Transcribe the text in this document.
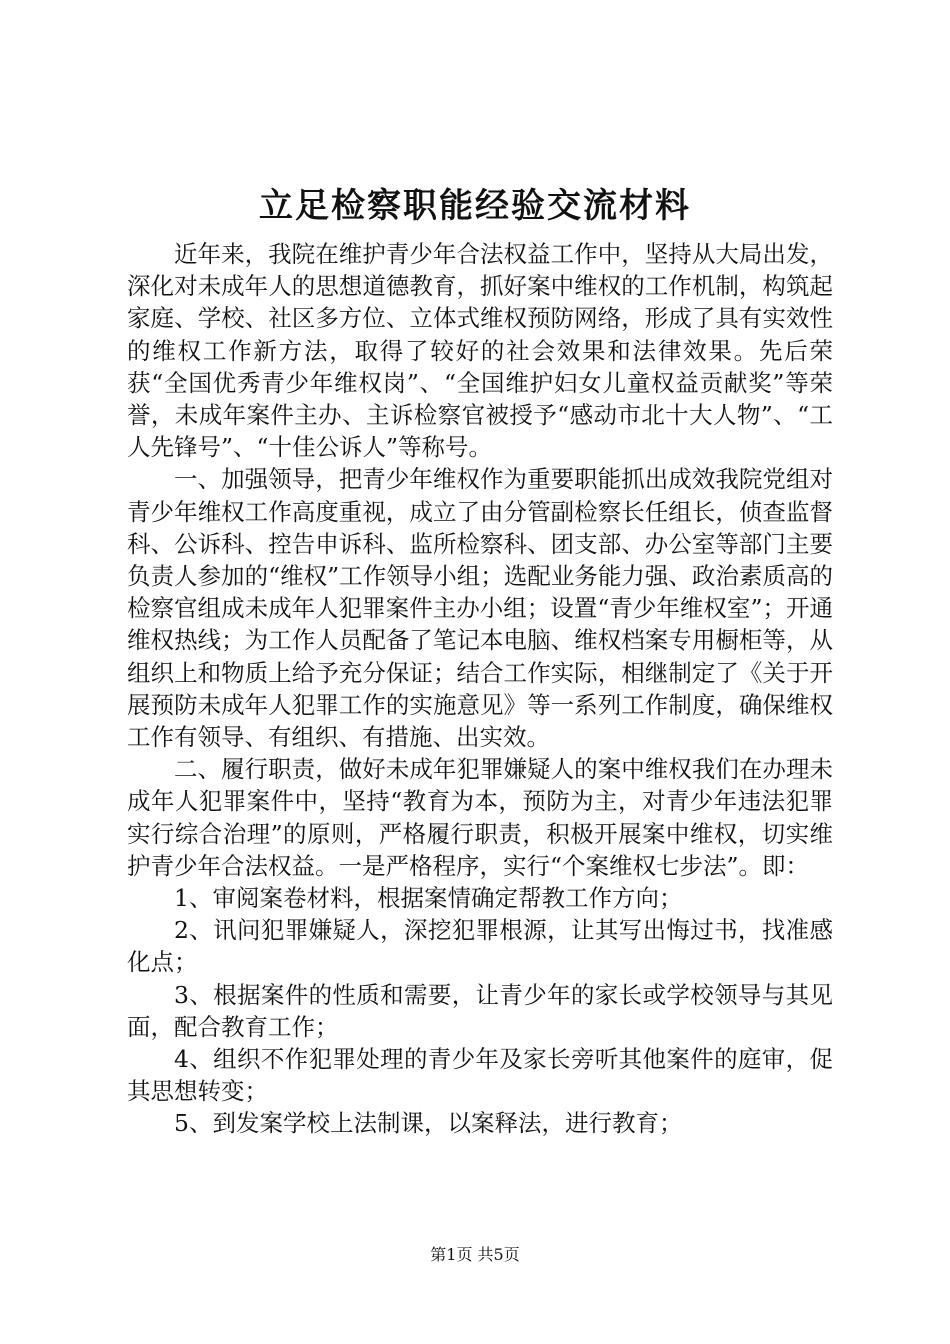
立足检察职能经验交流材料

近年来，我院在维护青少年合法权益工作中，坚持从大局出发，深化对未成年人的思想道德教育，抓好案中维权的工作机制，构筑起家庭、学校、社区多方位、立体式维权预防网络，形成了具有实效性的维权工作新方法，取得了较好的社会效果和法律效果。先后荣获“全国优秀青少年维权岗”、“全国维护妇女儿童权益贡献奖”等荣誉，未成年案件主办、主诉检察官被授予“感动市北十大人物”、“工人先锋号”、“十佳公诉人”等称号。

一、加强领导，把青少年维权作为重要职能抓出成效我院党组对青少年维权工作高度重视，成立了由分管副检察长任组长，侦查监督科、公诉科、控告申诉科、监所检察科、团支部、办公室等部门主要负责人参加的“维权”工作领导小组；选配业务能力强、政治素质高的检察官组成未成年人犯罪案件主办小组；设置“青少年维权室”；开通维权热线；为工作人员配备了笔记本电脑、维权档案专用橱柜等，从组织上和物质上给予充分保证；结合工作实际，相继制定了《关于开展预防未成年人犯罪工作的实施意见》等一系列工作制度，确保维权工作有领导、有组织、有措施、出实效。

二、履行职责，做好未成年犯罪嫌疑人的案中维权我们在办理未成年人犯罪案件中，坚持“教育为本，预防为主，对青少年违法犯罪实行综合治理”的原则，严格履行职责，积极开展案中维权，切实维护青少年合法权益。一是严格程序，实行“个案维权七步法”。即：

1、审阅案卷材料，根据案情确定帮教工作方向；

2、讯问犯罪嫌疑人，深挖犯罪根源，让其写出悔过书，找准感化点；

3、根据案件的性质和需要，让青少年的家长或学校领导与其见面，配合教育工作；

4、组织不作犯罪处理的青少年及家长旁听其他案件的庭审，促其思想转变；

5、到发案学校上法制课，以案释法，进行教育；

第1页 共5页
